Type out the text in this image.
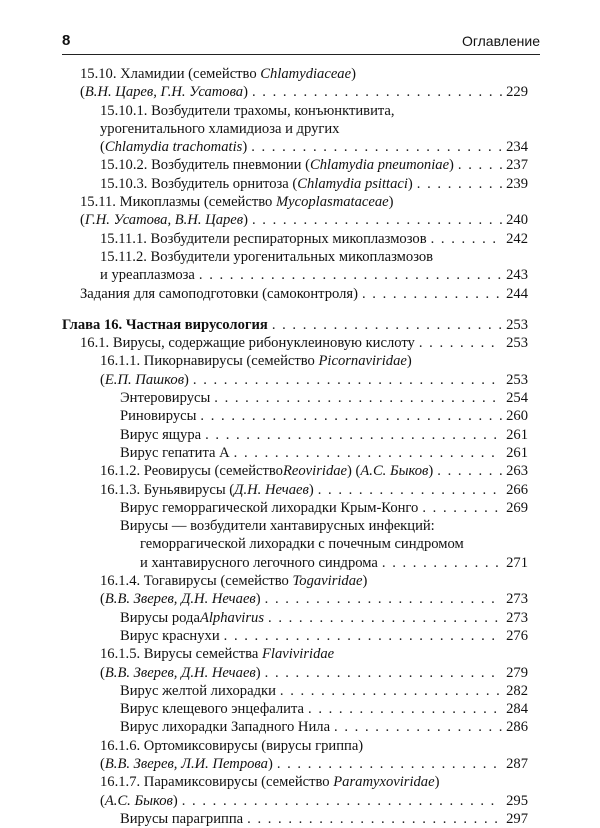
8	Оглавление
15.10. Хламидии (семейство Chlamydiaceae)
( В.Н. Царев, Г.Н. Усатова ) . . .	229
15.10.1. Возбудители трахомы, конъюнктивита,
урогенитального хламидиоза и других
( Chlamydia trachomatis ) . . .	234
15.10.2. Возбудитель пневмонии ( Chlamydia pneumoniae ) . . .	237
15.10.3. Возбудитель орнитоза ( Chlamydia psittaci ) . . .	239
15.11. Микоплазмы (семейство Mycoplasmataceae)
( Г.Н. Усатова, В.Н. Царев ) . . .	240
15.11.1. Возбудители респираторных микоплазмозов . . .	242
15.11.2. Возбудители урогенитальных микоплазмозов
и уреаплазмоза . . .	243
Задания для самоподготовки (самоконтроля) . . .	244
Глава 16. Частная вирусология . . .	253
16.1. Вирусы, содержащие рибонуклеиновую кислоту . . .	253
16.1.1. Пикорнавирусы (семейство Picornaviridae)
( Е.П. Пашков ) . . .	253
Энтеровирусы . . .	254
Риновирусы . . .	260
Вирус ящура . . .	261
Вирус гепатита А . . .	261
16.1.2. Реовирусы (семейство Reoviridae ) ( А.С. Быков ) . . .	263
16.1.3. Буньявирусы ( Д.Н. Нечаев ) . . .	266
Вирус геморрагической лихорадки Крым-Конго . . .	269
Вирусы — возбудители хантавирусных инфекций:
геморрагической лихорадки с почечным синдромом
и хантавирусного легочного синдрома . . .	271
16.1.4. Тогавирусы (семейство Togaviridae)
( В.В. Зверев, Д.Н. Нечаев ) . . .	273
Вирусы рода Alphavirus . . .	273
Вирус краснухи . . .	276
16.1.5. Вирусы семейства Flaviviridae
( В.В. Зверев, Д.Н. Нечаев ) . . .	279
Вирус желтой лихорадки . . .	282
Вирус клещевого энцефалита . . .	284
Вирус лихорадки Западного Нила . . .	286
16.1.6. Ортомиксовирусы (вирусы гриппа)
( В.В. Зверев, Л.И. Петрова ) . . .	287
16.1.7. Парамиксовирусы (семейство Paramyxoviridae)
( А.С. Быков ) . . .	295
Вирусы парагриппа . . .	297
